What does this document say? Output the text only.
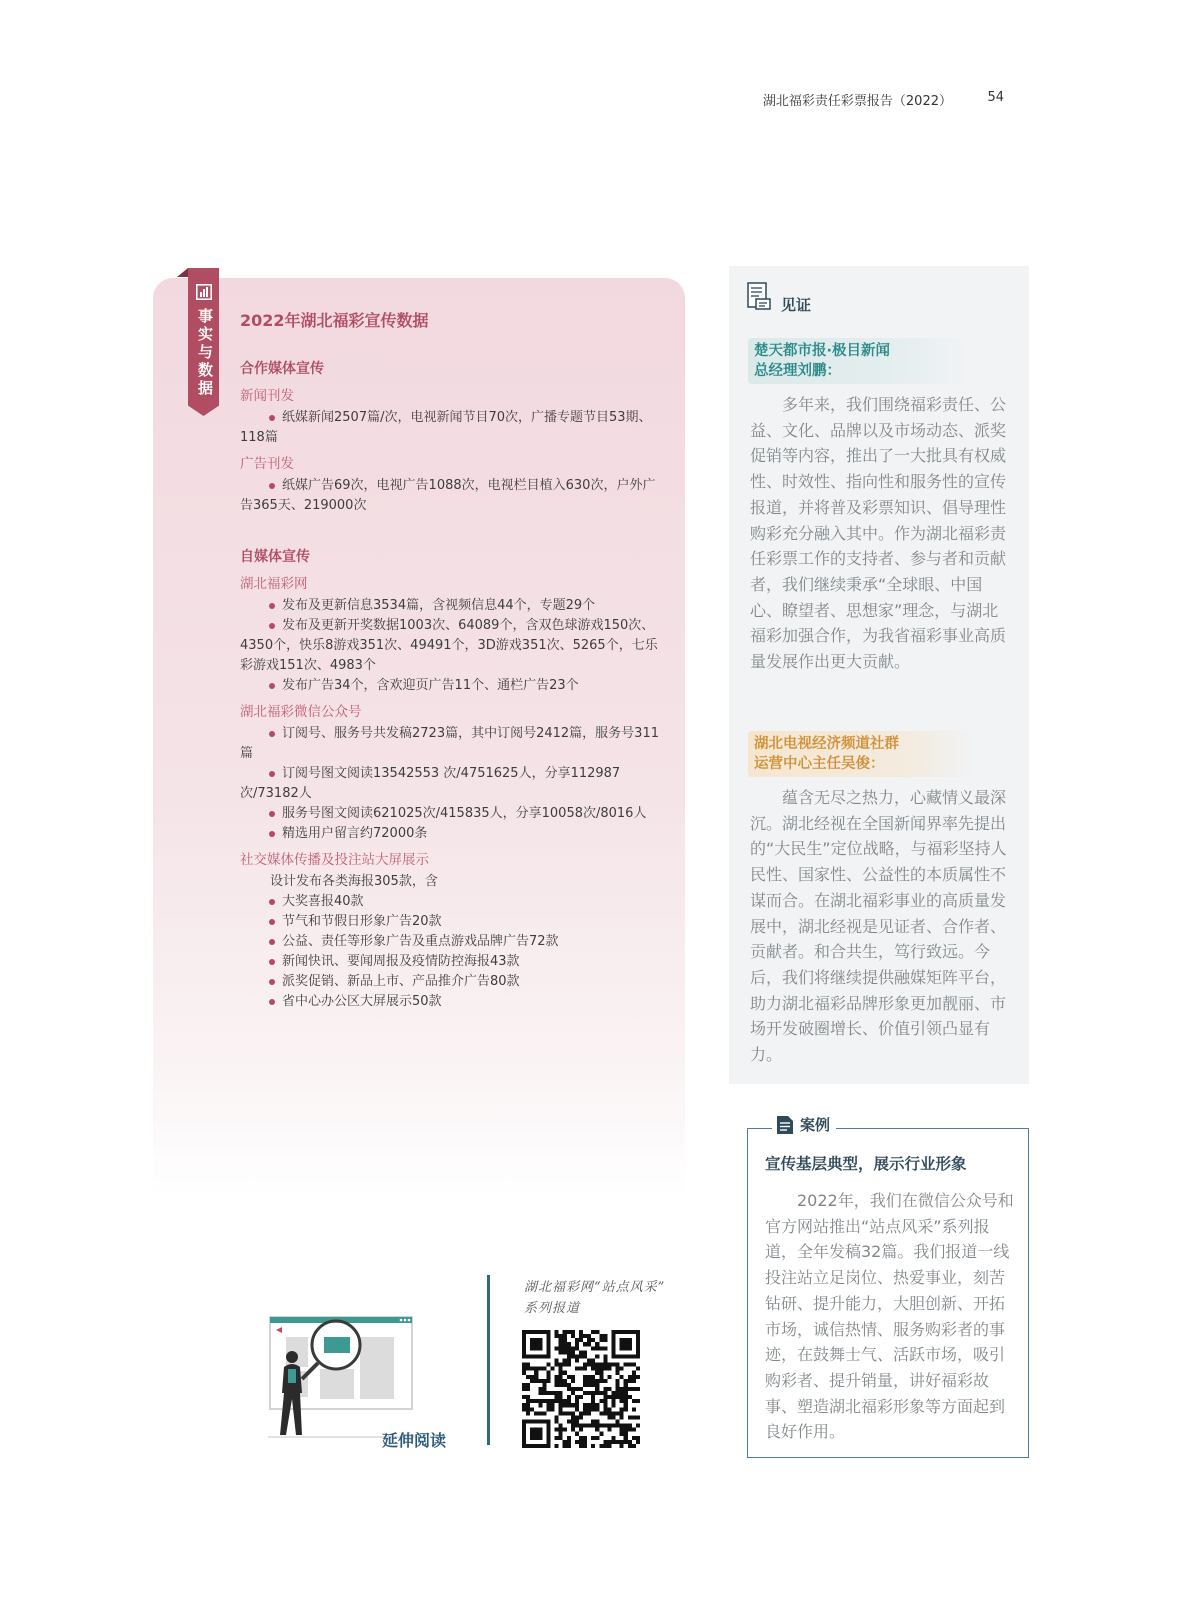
湖北福彩责任彩票报告（2022）	54
事实与数据 2022年湖北福彩宣传数据
合作媒体宣传
新闻刊发

纸媒新闻2507篇/次，电视新闻节目70次，广播专题节目53期、118篇

广告刊发

纸媒广告69次，电视广告1088次，电视栏目植入630次，户外广告365天、219000次

自媒体宣传
湖北福彩网

发布及更新信息3534篇，含视频信息44个，专题29个

发布及更新开奖数据1003次、64089个，含双色球游戏150次、4350个，快乐8游戏351次、49491个，3D游戏351次、5265个，七乐彩游戏151次、4983个

发布广告34个，含欢迎页广告11个、通栏广告23个

湖北福彩微信公众号

订阅号、服务号共发稿2723篇，其中订阅号2412篇，服务号311篇

订阅号图文阅读13542553 次/4751625人，分享112987次/73182人

服务号图文阅读621025次/415835人，分享10058次/8016人

精选用户留言约72000条

社交媒体传播及投注站大屏展示

设计发布各类海报305款，含

大奖喜报40款

节气和节假日形象广告20款

公益、责任等形象广告及重点游戏品牌广告72款

新闻快讯、要闻周报及疫情防控海报43款

派奖促销、新品上市、产品推介广告80款

省中心办公区大屏展示50款

见证
楚天都市报·极目新闻
总经理刘鹏：

多年来，我们围绕福彩责任、公益、文化、品牌以及市场动态、派奖促销等内容，推出了一大批具有权威性、时效性、指向性和服务性的宣传报道，并将普及彩票知识、倡导理性购彩充分融入其中。作为湖北福彩责任彩票工作的支持者、参与者和贡献者，我们继续秉承“全球眼、中国心、瞭望者、思想家”理念，与湖北福彩加强合作，为我省福彩事业高质量发展作出更大贡献。

湖北电视经济频道社群
运营中心主任吴俊：

蕴含无尽之热力，心藏情义最深沉。湖北经视在全国新闻界率先提出的“大民生”定位战略，与福彩坚持人民性、国家性、公益性的本质属性不谋而合。在湖北福彩事业的高质量发展中，湖北经视是见证者、合作者、贡献者。和合共生，笃行致远。今后，我们将继续提供融媒矩阵平台，助力湖北福彩品牌形象更加靓丽、市场开发破圈增长、价值引领凸显有力。

案例
宣传基层典型，展示行业形象

2022年，我们在微信公众号和官方网站推出“站点风采”系列报道，全年发稿32篇。我们报道一线投注站立足岗位、热爱事业，刻苦钻研、提升能力，大胆创新、开拓市场，诚信热情、服务购彩者的事迹，在鼓舞士气、活跃市场，吸引购彩者、提升销量，讲好福彩故事、塑造湖北福彩形象等方面起到良好作用。

延伸阅读
湖北福彩网“站点风采”
系列报道
